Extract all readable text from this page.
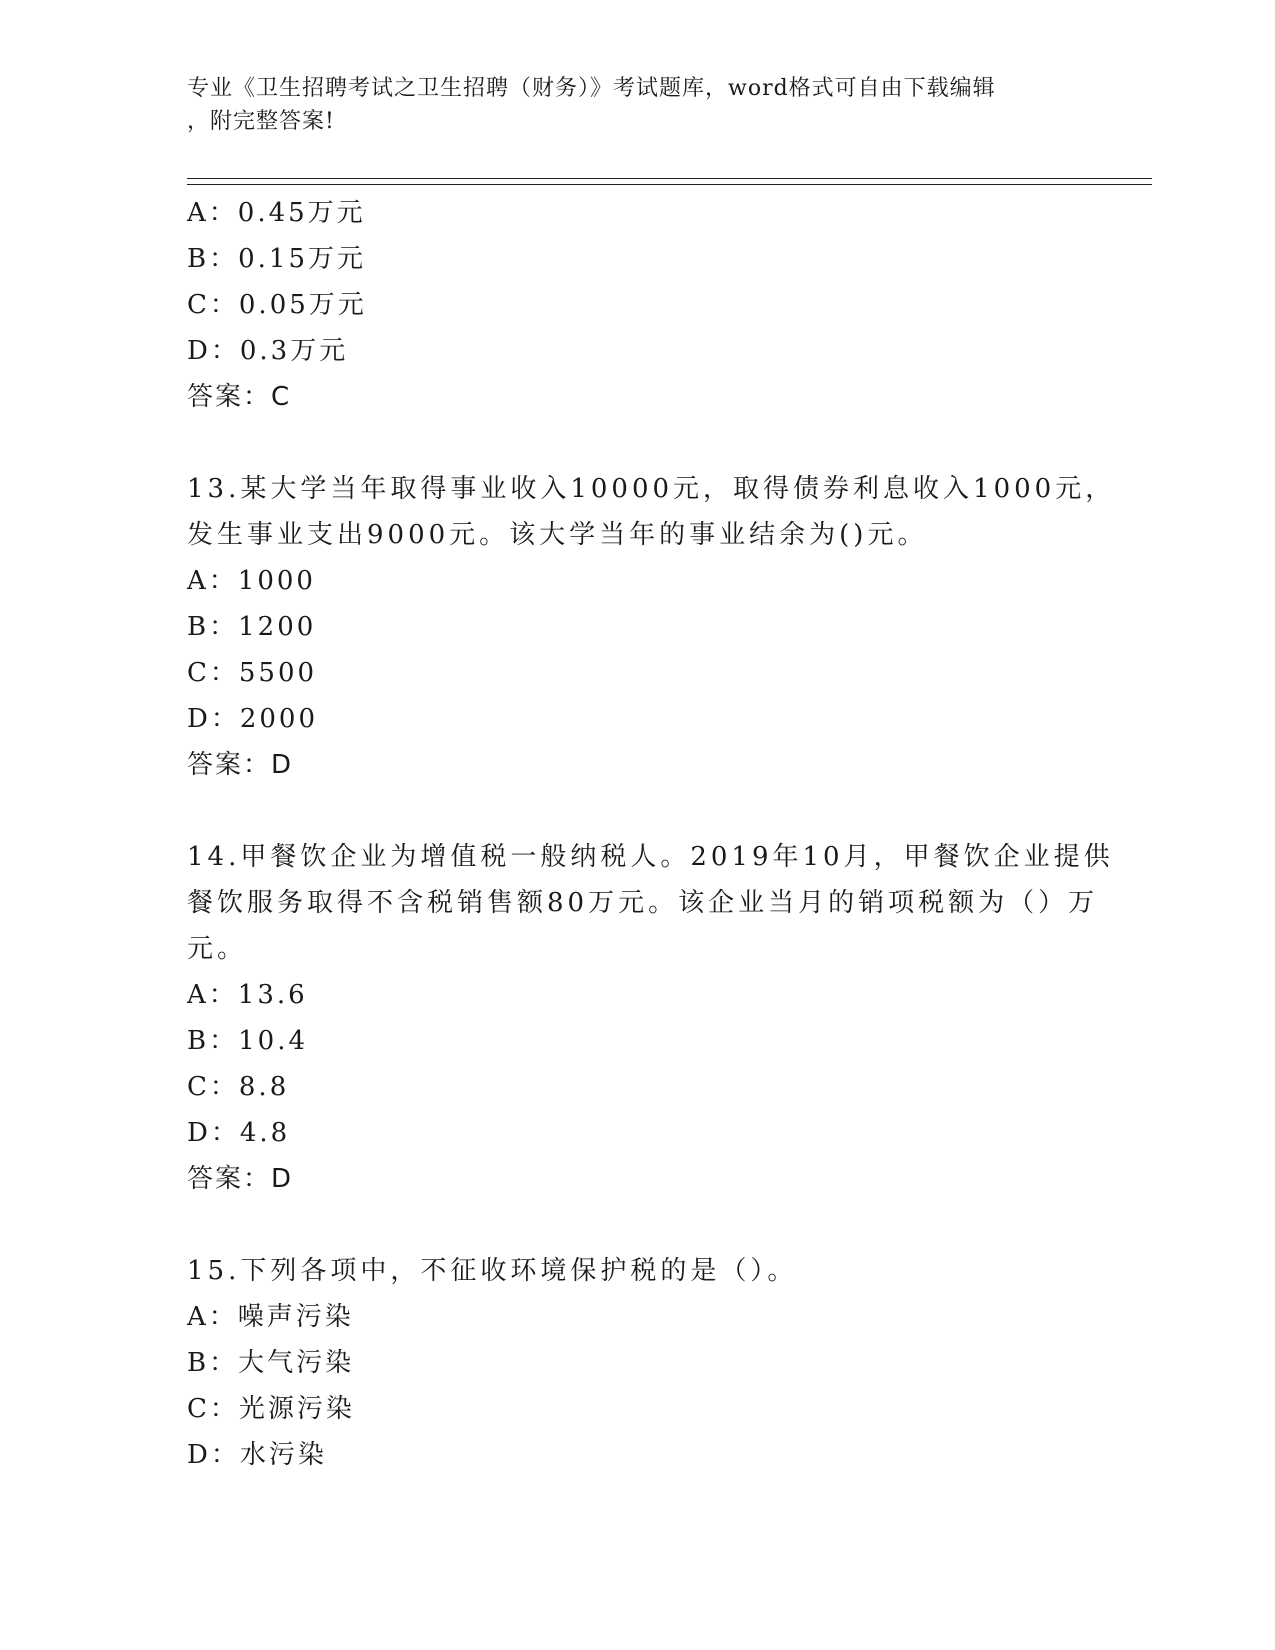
专业《卫生招聘考试之卫生招聘（财务）》考试题库，word格式可自由下载编辑
，附完整答案!
A：0.45万元
B：0.15万元
C：0.05万元
D：0.3万元
答案：C
13.某大学当年取得事业收入10000元，取得债券利息收入1000元，
发生事业支出9000元。该大学当年的事业结余为()元。
A：1000
B：1200
C：5500
D：2000
答案：D
14.甲餐饮企业为增值税一般纳税人。2019年10月，甲餐饮企业提供
餐饮服务取得不含税销售额80万元。该企业当月的销项税额为（）万
元。
A：13.6
B：10.4
C：8.8
D：4.8
答案：D
15.下列各项中，不征收环境保护税的是（）。
A：噪声污染
B：大气污染
C：光源污染
D：水污染
